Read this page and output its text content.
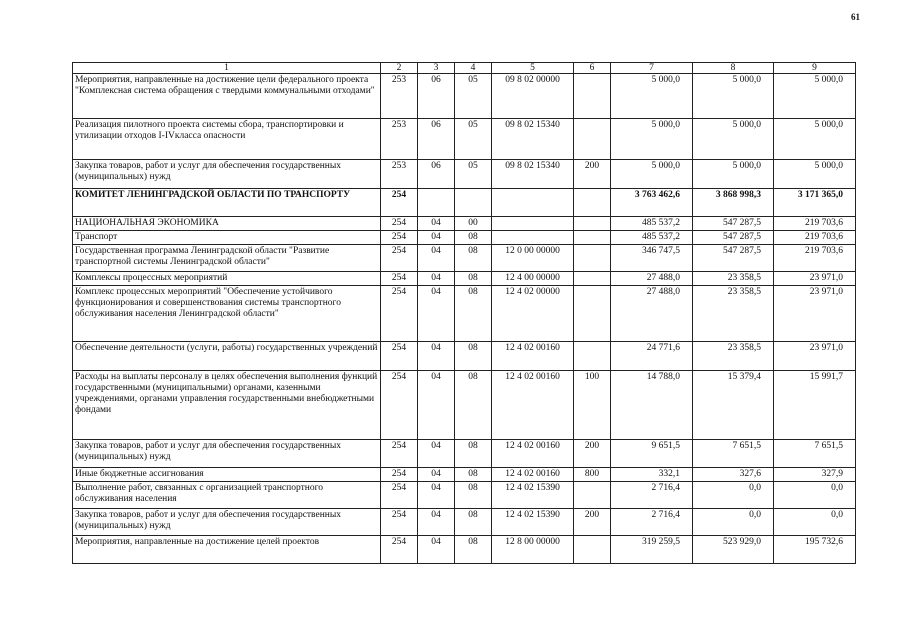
61
1	2	3	4	5	6	7	8	9
Мероприятия, направленные на достижение цели федерального проекта "Комплексная система обращения с твердыми коммунальными отходами"	253	06	05	09 8 02 00000		5 000,0	5 000,0	5 000,0
Реализация пилотного проекта системы сбора, транспортировки и утилизации отходов I-IVкласса опасности	253	06	05	09 8 02 15340		5 000,0	5 000,0	5 000,0
Закупка товаров, работ и услуг для обеспечения государственных (муниципальных) нужд	253	06	05	09 8 02 15340	200	5 000,0	5 000,0	5 000,0
КОМИТЕТ ЛЕНИНГРАДСКОЙ ОБЛАСТИ ПО ТРАНСПОРТУ	254					3 763 462,6	3 868 998,3	3 171 365,0
НАЦИОНАЛЬНАЯ ЭКОНОМИКА	254	04	00			485 537,2	547 287,5	219 703,6
Транспорт	254	04	08			485 537,2	547 287,5	219 703,6
Государственная программа Ленинградской области "Развитие транспортной системы Ленинградской области"	254	04	08	12 0 00 00000		346 747,5	547 287,5	219 703,6
Комплексы процессных мероприятий	254	04	08	12 4 00 00000		27 488,0	23 358,5	23 971,0
Комплекс процессных мероприятий "Обеспечение устойчивого функционирования и совершенствования системы транспортного обслуживания населения Ленинградской области"	254	04	08	12 4 02 00000		27 488,0	23 358,5	23 971,0
Обеспечение деятельности (услуги, работы) государственных учреждений	254	04	08	12 4 02 00160		24 771,6	23 358,5	23 971,0
Расходы на выплаты персоналу в целях обеспечения выполнения функций государственными (муниципальными) органами, казенными учреждениями, органами управления государственными внебюджетными фондами	254	04	08	12 4 02 00160	100	14 788,0	15 379,4	15 991,7
Закупка товаров, работ и услуг для обеспечения государственных (муниципальных) нужд	254	04	08	12 4 02 00160	200	9 651,5	7 651,5	7 651,5
Иные бюджетные ассигнования	254	04	08	12 4 02 00160	800	332,1	327,6	327,9
Выполнение работ, связанных с организацией транспортного обслуживания населения	254	04	08	12 4 02 15390		2 716,4	0,0	0,0
Закупка товаров, работ и услуг для обеспечения государственных (муниципальных) нужд	254	04	08	12 4 02 15390	200	2 716,4	0,0	0,0
Мероприятия, направленные на достижение целей проектов	254	04	08	12 8 00 00000		319 259,5	523 929,0	195 732,6
